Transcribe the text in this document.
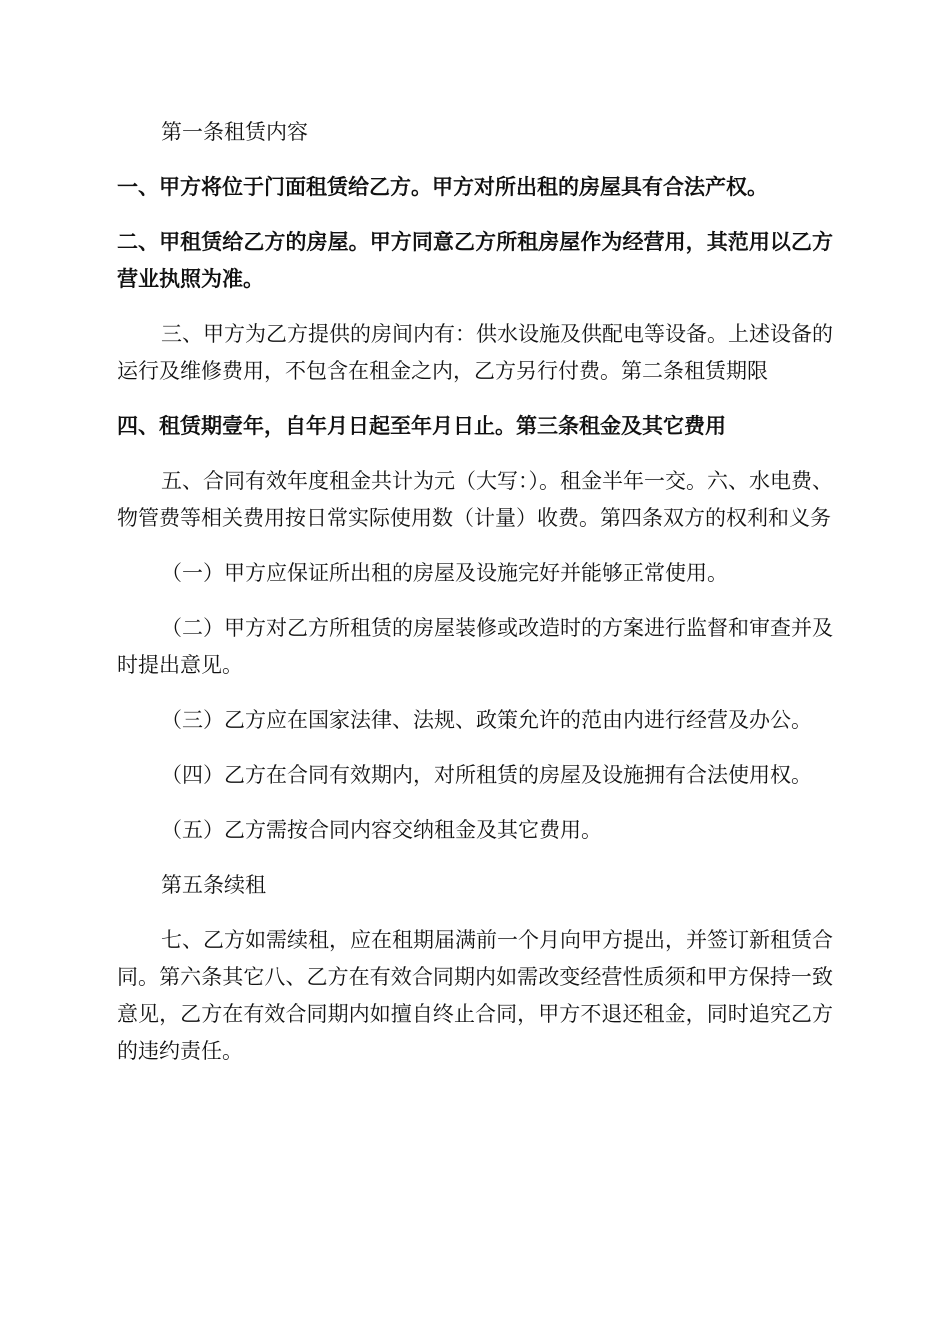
第一条租赁内容

一、甲方将位于门面租赁给乙方。甲方对所出租的房屋具有合法产权。

二、甲租赁给乙方的房屋。甲方同意乙方所租房屋作为经营用，其范用以乙方营业执照为准。

三、甲方为乙方提供的房间内有：供水设施及供配电等设备。上述设备的运行及维修费用，不包含在租金之内，乙方另行付费。第二条租赁期限

四、租赁期壹年，自年月日起至年月日止。第三条租金及其它费用

五、合同有效年度租金共计为元（大写：）。租金半年一交。六、水电费、物管费等相关费用按日常实际使用数（计量）收费。第四条双方的权利和义务

（一）甲方应保证所出租的房屋及设施完好并能够正常使用。

（二）甲方对乙方所租赁的房屋装修或改造时的方案进行监督和审查并及时提出意见。

（三）乙方应在国家法律、法规、政策允许的范由内进行经营及办公。

（四）乙方在合同有效期内，对所租赁的房屋及设施拥有合法使用权。

（五）乙方需按合同内容交纳租金及其它费用。

第五条续租

七、乙方如需续租，应在租期届满前一个月向甲方提出，并签订新租赁合同。第六条其它八、乙方在有效合同期内如需改变经营性质须和甲方保持一致意见，乙方在有效合同期内如擅自终止合同，甲方不退还租金，同时追究乙方的违约责任。
